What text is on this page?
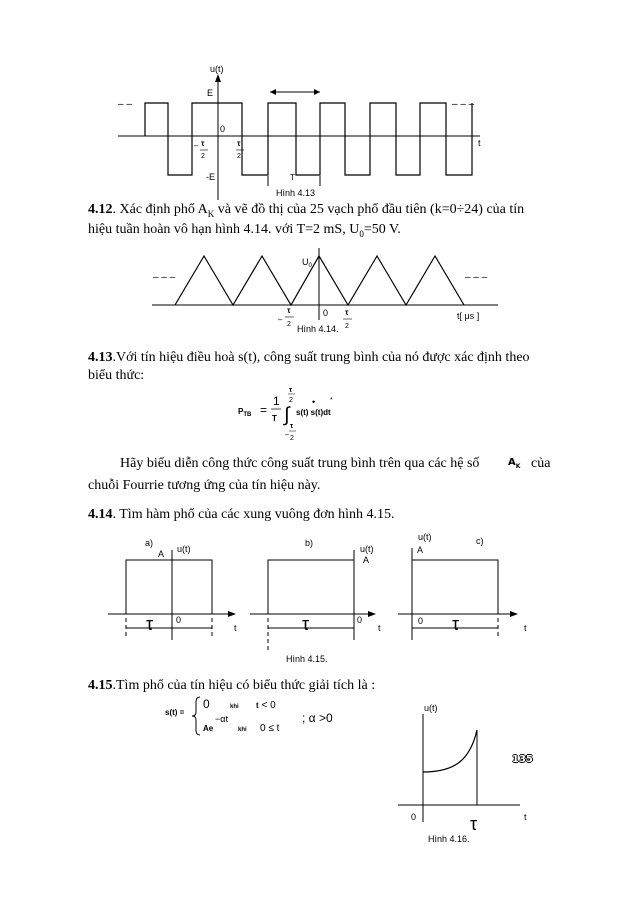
– –	– – –
u(t)
E
0
-E
t
– τ
2
τ
2
T
Hình 4.13
4.12. Xác định phổ $A_K$ và vẽ đồ thị của 25 vạch phổ đầu tiên (k=0÷24) của tín
hiệu tuần hoàn vô hạn hình 4.14. với T=2 mS, $U_0=50$ V.
– – –	– – –
$U_0$
0
–
τ
2
τ
2
t[ μs ]
Hình 4.14.
4.13.Với tín hiệu điều hoà s(t), công suất trung bình của nó được xác định theo
biểu thức:
$P_{TB}$ =
1
T
τ
2
∫ s(t) s(t)dt
• *
–
τ
2
Hãy biểu diễn công thức công suất trung bình trên qua các hệ số	$A_K$ của
chuỗi Fourrie tương ứng của tín hiệu này.
4.14. Tìm hàm phổ của các xung vuông đơn hình 4.15.
a)
u(t)
A
0
t
τ
b)
u(t)
A
0
t
τ
c)
u(t)
A
0
t
τ
Hình 4.15.
4.15.Tìm phổ của tín hiệu có biểu thức giải tích là :
s(t) =
0	khi t < 0
Ae
−αt
khi 0 ≤ t
; α >0
u(t)
0	t
τ
Hình 4.16.
135
